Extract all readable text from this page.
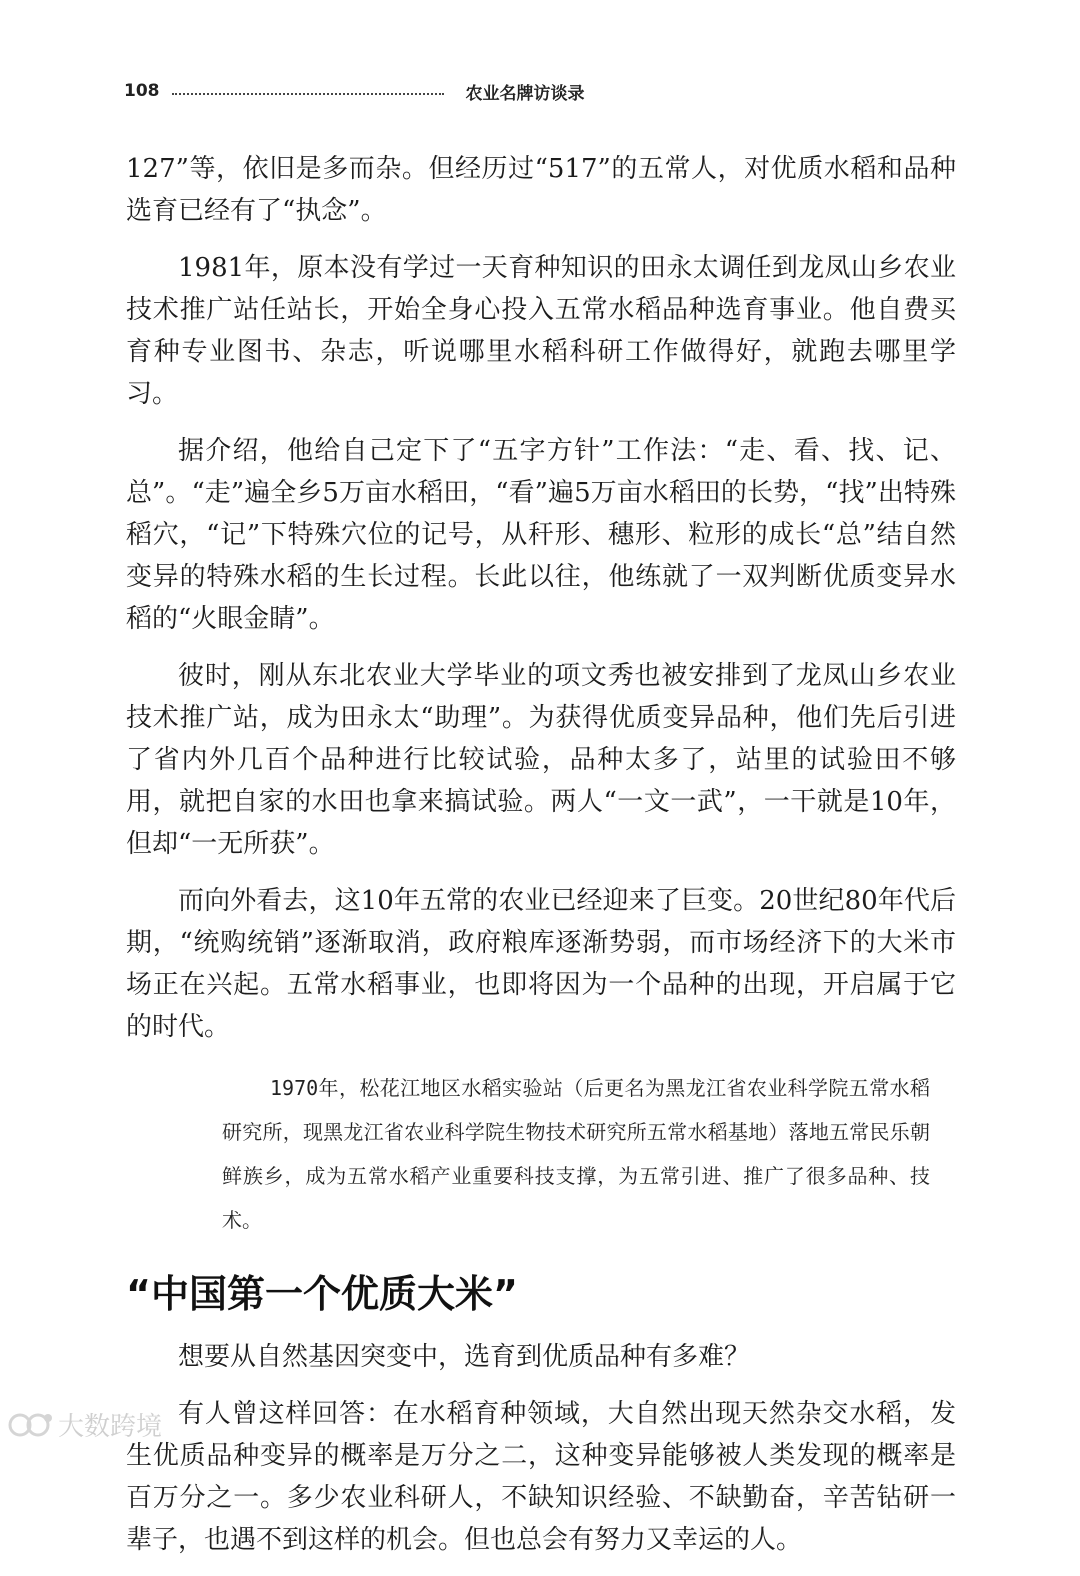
108	农业名牌访谈录

127”等，依旧是多而杂。但经历过“517”的五常人，对优质水稻和品种选育已经有了“执念”。

1981年，原本没有学过一天育种知识的田永太调任到龙凤山乡农业技术推广站任站长，开始全身心投入五常水稻品种选育事业。他自费买育种专业图书、杂志，听说哪里水稻科研工作做得好，就跑去哪里学习。

据介绍，他给自己定下了“五字方针”工作法：“走、看、找、记、总”。“走”遍全乡5万亩水稻田，“看”遍5万亩水稻田的长势，“找”出特殊稻穴，“记”下特殊穴位的记号，从秆形、穗形、粒形的成长“总”结自然变异的特殊水稻的生长过程。长此以往，他练就了一双判断优质变异水稻的“火眼金睛”。

彼时，刚从东北农业大学毕业的项文秀也被安排到了龙凤山乡农业技术推广站，成为田永太“助理”。为获得优质变异品种，他们先后引进了省内外几百个品种进行比较试验，品种太多了，站里的试验田不够用，就把自家的水田也拿来搞试验。两人“一文一武”，一干就是10年，但却“一无所获”。

而向外看去，这10年五常的农业已经迎来了巨变。20世纪80年代后期，“统购统销”逐渐取消，政府粮库逐渐势弱，而市场经济下的大米市场正在兴起。五常水稻事业，也即将因为一个品种的出现，开启属于它的时代。

1970年，松花江地区水稻实验站（后更名为黑龙江省农业科学院五常水稻研究所，现黑龙江省农业科学院生物技术研究所五常水稻基地）落地五常民乐朝鲜族乡，成为五常水稻产业重要科技支撑，为五常引进、推广了很多品种、技术。

“中国第一个优质大米”

想要从自然基因突变中，选育到优质品种有多难？

有人曾这样回答：在水稻育种领域，大自然出现天然杂交水稻，发生优质品种变异的概率是万分之二，这种变异能够被人类发现的概率是百万分之一。多少农业科研人，不缺知识经验、不缺勤奋，辛苦钻研一辈子，也遇不到这样的机会。但也总会有努力又幸运的人。

大数跨境
